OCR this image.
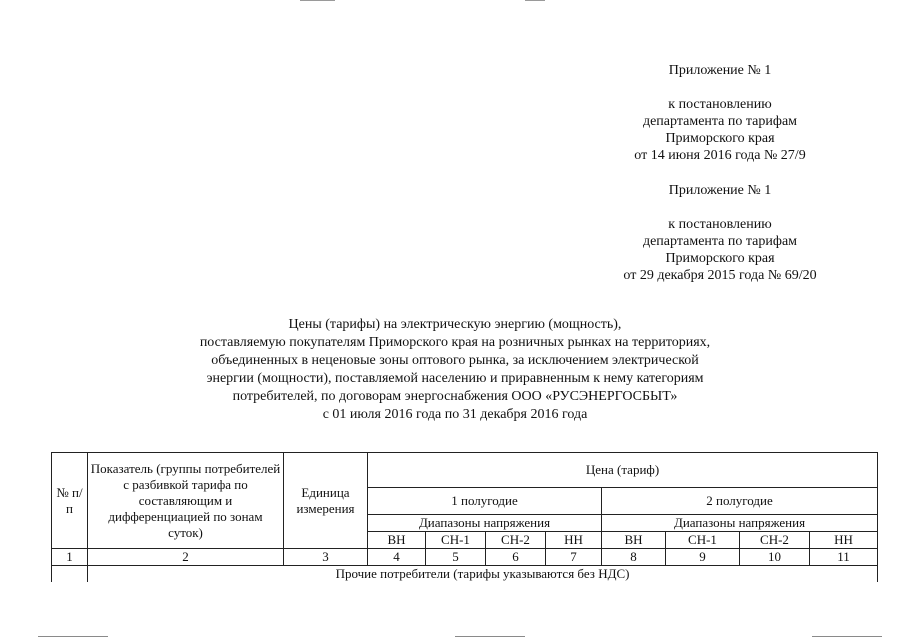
Приложение № 1
к постановлению
департамента по тарифам
Приморского края
от 14 июня 2016 года № 27/9
Приложение № 1
к постановлению
департамента по тарифам
Приморского края
от 29 декабря 2015 года № 69/20
Цены (тарифы) на электрическую энергию (мощность),
поставляемую покупателям Приморского края на розничных рынках на территориях,
объединенных в неценовые зоны оптового рынка, за исключением электрической
энергии (мощности), поставляемой населению и приравненным к нему категориям
потребителей, по договорам энергоснабжения ООО «РУСЭНЕРГОСБЫТ»
с 01 июля 2016 года по 31 декабря 2016 года
№ п/п	Показатель (группы потребителей с разбивкой тарифа по составляющим и дифференциацией по зонам суток)	Единица измерения	Цена (тариф)							
			1 полугодие				2 полугодие			
			Диапазоны напряжения				Диапазоны напряжения			
			ВН	СН-1	СН-2	НН	ВН	СН-1	СН-2	НН
1	2	3	4	5	6	7	8	9	10	11
	Прочие потребители (тарифы указываются без НДС)									
